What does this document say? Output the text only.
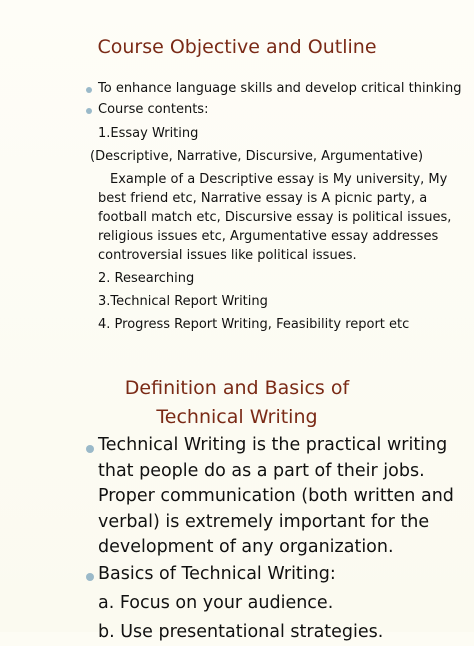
Course Objective and Outline
To enhance language skills and develop critical thinking
Course contents:
1.Essay Writing
(Descriptive, Narrative, Discursive, Argumentative)
Example of a Descriptive essay is My university, My best friend etc, Narrative essay is A picnic party, a football match etc, Discursive essay is political issues, religious issues etc, Argumentative essay addresses controversial issues like political issues.
2. Researching
3.Technical Report Writing
4. Progress Report Writing, Feasibility report etc
Definition and Basics of
Technical Writing
Technical Writing is the practical writing that people do as a part of their jobs. Proper communication (both written and verbal) is extremely important for the development of any organization.
Basics of Technical Writing:
a. Focus on your audience.
b. Use presentational strategies.
